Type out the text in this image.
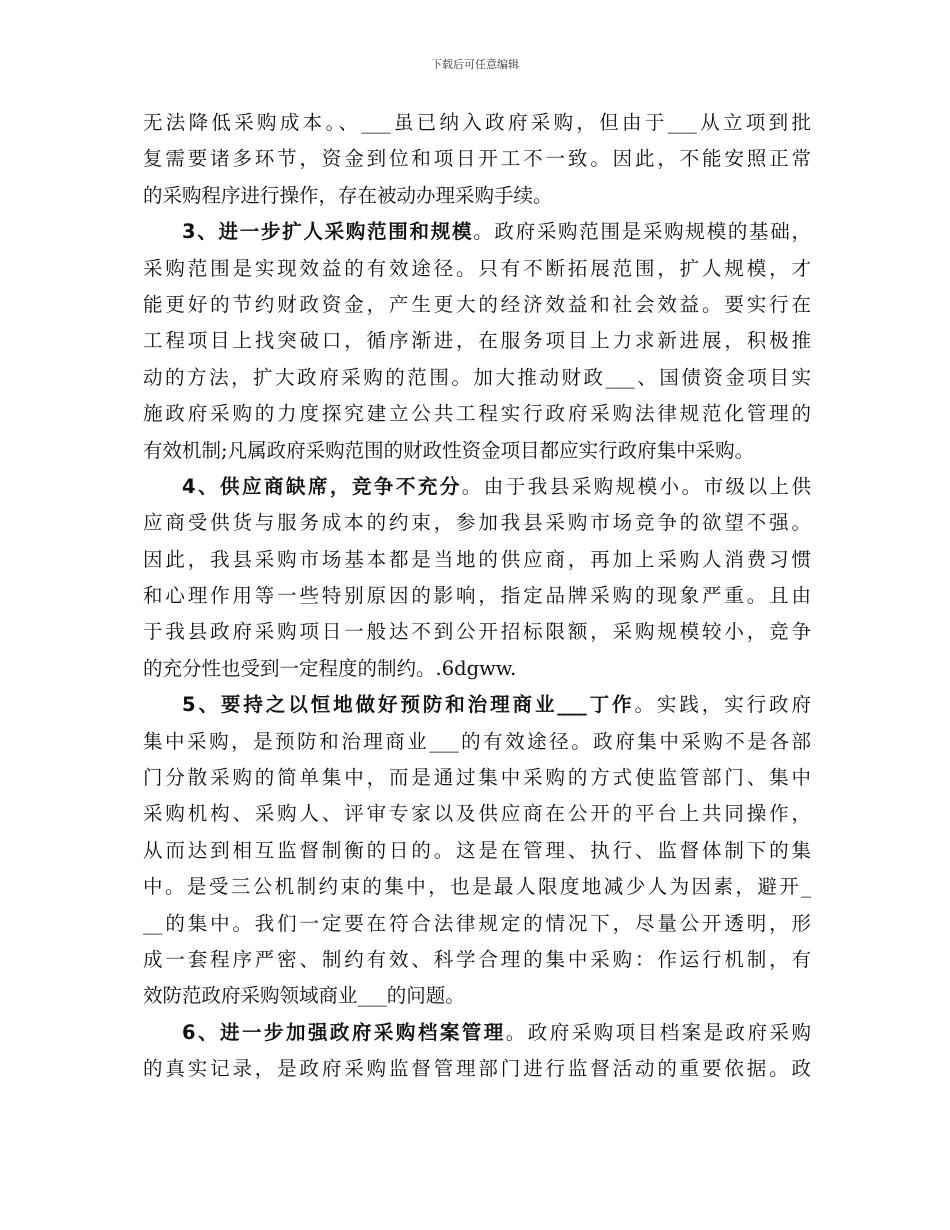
下载后可任意编辑
无法降低采购成本。、___虽已纳入政府采购，但由于___从立项到批
复需要诸多环节，资金到位和项日开工不一致。因此，不能安照正常
的采购程序进行操作，存在被动办理采购手续。
3、进一步扩人采购范围和规模。政府采购范围是采购规模的基础，
采购范围是实现效益的有效途径。只有不断拓展范围，扩人规模，才
能更好的节约财政资金，产生更大的经济效益和社会效益。要实行在
工程项目上找突破口，循序渐进，在服务项目上力求新进展，积极推
动的方法，扩大政府采购的范围。加大推动财政___、国债资金项目实
施政府采购的力度探究建立公共工程实行政府采购法律规范化管理的
有效机制;凡属政府采购范围的财政性资金项目都应实行政府集中采购。
4、供应商缺席，竞争不充分。由于我县采购规模小。市级以上供
应商受供货与服务成本的约束，参加我县采购市场竞争的欲望不强。
因此，我县采购市场基本都是当地的供应商，再加上采购人消费习惯
和心理作用等一些特别原因的影响，指定品牌采购的现象严重。且由
于我县政府采购项日一般达不到公开招标限额，采购规模较小，竞争
的充分性也受到一定程度的制约。.6dgww.
5、要持之以恒地做好预防和治理商业___丁作。实践，实行政府
集中采购，是预防和治理商业___的有效途径。政府集中采购不是各部
门分散采购的简单集中，而是通过集中采购的方式使监管部门、集中
采购机构、采购人、评审专家以及供应商在公开的平台上共同操作，
从而达到相互监督制衡的日的。这是在管理、执行、监督体制下的集
中。是受三公机制约束的集中，也是最人限度地减少人为因素，避开_
__的集中。我们一定要在符合法律规定的情况下，尽量公开透明，形
成一套程序严密、制约有效、科学合理的集中采购：作运行机制，有
效防范政府采购领域商业___的问题。
6、进一步加强政府采购档案管理。政府采购项目档案是政府采购
的真实记录，是政府采购监督管理部门进行监督活动的重要依据。政
